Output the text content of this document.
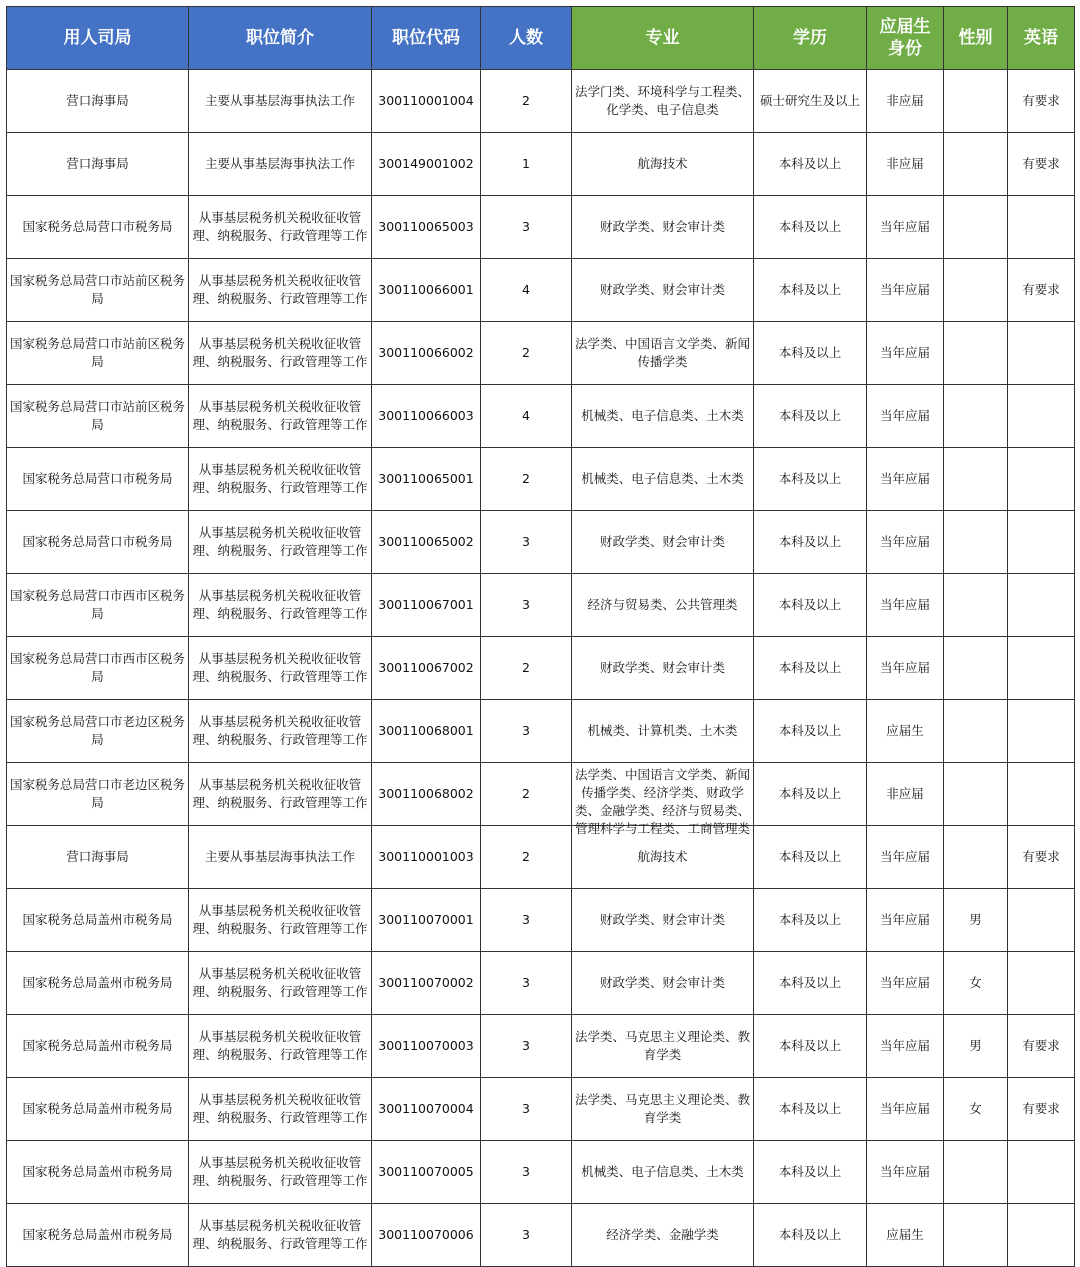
用人司局	职位简介	职位代码	人数	专业	学历	应届生身份	性别	英语

营口海事局	主要从事基层海事执法工作	300110001004	2	法学门类、环境科学与工程类、化学类、电子信息类	硕士研究生及以上	非应届		有要求

营口海事局	主要从事基层海事执法工作	300149001002	1	航海技术	本科及以上	非应届		有要求

国家税务总局营口市税务局	从事基层税务机关税收征收管理、纳税服务、行政管理等工作	300110065003	3	财政学类、财会审计类	本科及以上	当年应届		

国家税务总局营口市站前区税务局	从事基层税务机关税收征收管理、纳税服务、行政管理等工作	300110066001	4	财政学类、财会审计类	本科及以上	当年应届		有要求

国家税务总局营口市站前区税务局	从事基层税务机关税收征收管理、纳税服务、行政管理等工作	300110066002	2	法学类、中国语言文学类、新闻传播学类	本科及以上	当年应届		

国家税务总局营口市站前区税务局	从事基层税务机关税收征收管理、纳税服务、行政管理等工作	300110066003	4	机械类、电子信息类、土木类	本科及以上	当年应届		

国家税务总局营口市税务局	从事基层税务机关税收征收管理、纳税服务、行政管理等工作	300110065001	2	机械类、电子信息类、土木类	本科及以上	当年应届		

国家税务总局营口市税务局	从事基层税务机关税收征收管理、纳税服务、行政管理等工作	300110065002	3	财政学类、财会审计类	本科及以上	当年应届		

国家税务总局营口市西市区税务局	从事基层税务机关税收征收管理、纳税服务、行政管理等工作	300110067001	3	经济与贸易类、公共管理类	本科及以上	当年应届		

国家税务总局营口市西市区税务局	从事基层税务机关税收征收管理、纳税服务、行政管理等工作	300110067002	2	财政学类、财会审计类	本科及以上	当年应届		

国家税务总局营口市老边区税务局	从事基层税务机关税收征收管理、纳税服务、行政管理等工作	300110068001	3	机械类、计算机类、土木类	本科及以上	应届生		

国家税务总局营口市老边区税务局	从事基层税务机关税收征收管理、纳税服务、行政管理等工作	300110068002	2	法学类、中国语言文学类、新闻传播学类、经济学类、财政学类、金融学类、经济与贸易类、管理科学与工程类、工商管理类	本科及以上	非应届		

营口海事局	主要从事基层海事执法工作	300110001003	2	航海技术	本科及以上	当年应届		有要求

国家税务总局盖州市税务局	从事基层税务机关税收征收管理、纳税服务、行政管理等工作	300110070001	3	财政学类、财会审计类	本科及以上	当年应届	男	

国家税务总局盖州市税务局	从事基层税务机关税收征收管理、纳税服务、行政管理等工作	300110070002	3	财政学类、财会审计类	本科及以上	当年应届	女	

国家税务总局盖州市税务局	从事基层税务机关税收征收管理、纳税服务、行政管理等工作	300110070003	3	法学类、马克思主义理论类、教育学类	本科及以上	当年应届	男	有要求

国家税务总局盖州市税务局	从事基层税务机关税收征收管理、纳税服务、行政管理等工作	300110070004	3	法学类、马克思主义理论类、教育学类	本科及以上	当年应届	女	有要求

国家税务总局盖州市税务局	从事基层税务机关税收征收管理、纳税服务、行政管理等工作	300110070005	3	机械类、电子信息类、土木类	本科及以上	当年应届		

国家税务总局盖州市税务局	从事基层税务机关税收征收管理、纳税服务、行政管理等工作	300110070006	3	经济学类、金融学类	本科及以上	应届生		
